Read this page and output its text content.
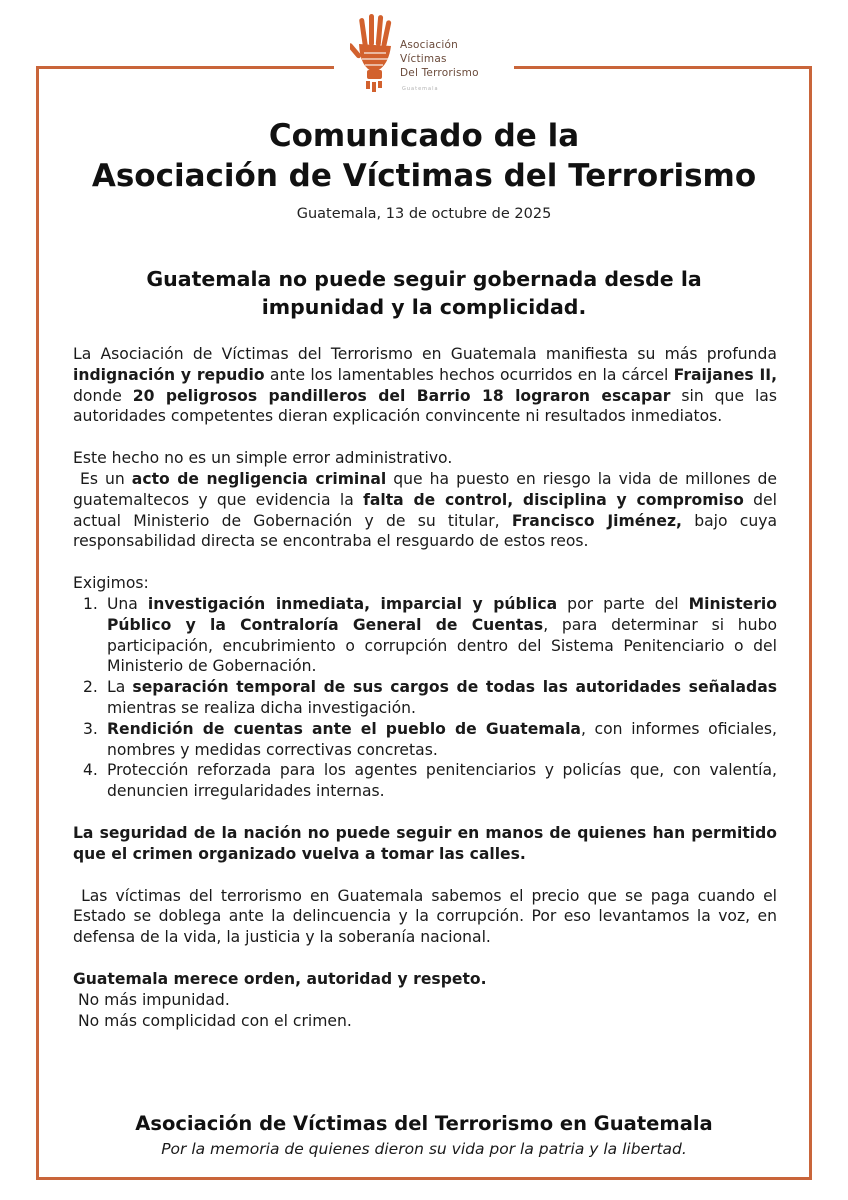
Asociación
Víctimas
Del Terrorismo
Guatemala
Comunicado de la
Asociación de Víctimas del Terrorismo
Guatemala, 13 de octubre de 2025
Guatemala no puede seguir gobernada desde la
impunidad y la complicidad.

La Asociación de Víctimas del Terrorismo en Guatemala manifiesta su más profunda indignación y repudio ante los lamentables hechos ocurridos en la cárcel Fraijanes II, donde 20 peligrosos pandilleros del Barrio 18 lograron escapar sin que las autoridades competentes dieran explicación convincente ni resultados inmediatos.

Este hecho no es un simple error administrativo.

Es un acto de negligencia criminal que ha puesto en riesgo la vida de millones de guatemaltecos y que evidencia la falta de control, disciplina y compromiso del actual Ministerio de Gobernación y de su titular, Francisco Jiménez, bajo cuya responsabilidad directa se encontraba el resguardo de estos reos.

Exigimos:

1. Una investigación inmediata, imparcial y pública por parte del Ministerio Público y la Contraloría General de Cuentas, para determinar si hubo participación, encubrimiento o corrupción dentro del Sistema Penitenciario o del Ministerio de Gobernación.
2. La separación temporal de sus cargos de todas las autoridades señaladas mientras se realiza dicha investigación.
3. Rendición de cuentas ante el pueblo de Guatemala, con informes oficiales, nombres y medidas correctivas concretas.
4. Protección reforzada para los agentes penitenciarios y policías que, con valentía, denuncien irregularidades internas.

La seguridad de la nación no puede seguir en manos de quienes han permitido que el crimen organizado vuelva a tomar las calles.

Las víctimas del terrorismo en Guatemala sabemos el precio que se paga cuando el Estado se doblega ante la delincuencia y la corrupción. Por eso levantamos la voz, en defensa de la vida, la justicia y la soberanía nacional.

Guatemala merece orden, autoridad y respeto.

No más impunidad.

No más complicidad con el crimen.

Asociación de Víctimas del Terrorismo en Guatemala
Por la memoria de quienes dieron su vida por la patria y la libertad.
